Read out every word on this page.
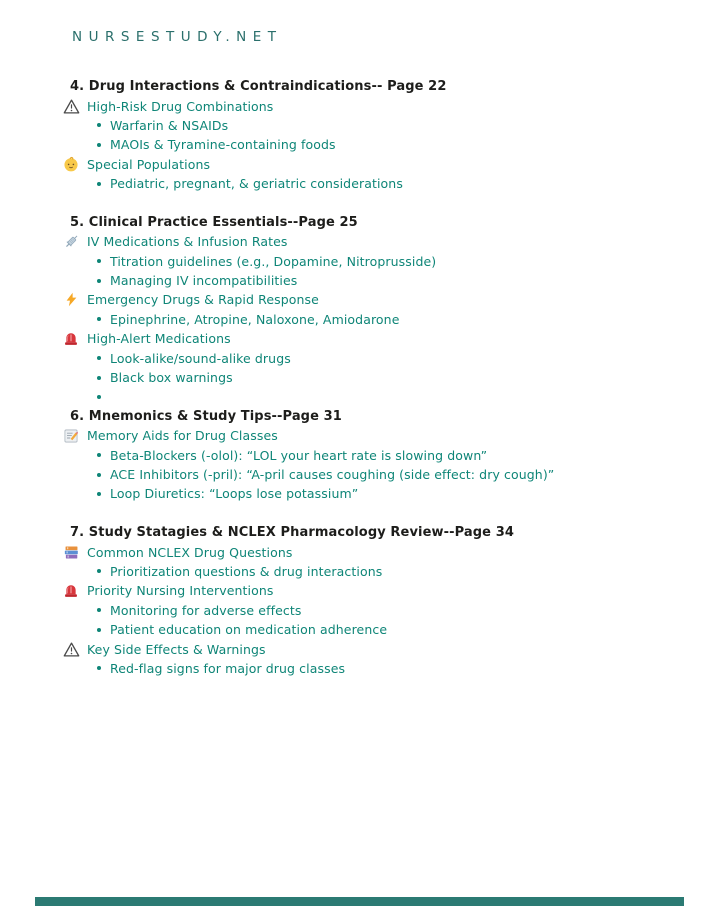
NURSESTUDY.NET
4. Drug Interactions & Contraindications-- Page 22
High-Risk Drug Combinations
Warfarin & NSAIDs
MAOIs & Tyramine-containing foods
Special Populations
Pediatric, pregnant, & geriatric considerations
5. Clinical Practice Essentials--Page 25
IV Medications & Infusion Rates
Titration guidelines (e.g., Dopamine, Nitroprusside)
Managing IV incompatibilities
Emergency Drugs & Rapid Response
Epinephrine, Atropine, Naloxone, Amiodarone
High-Alert Medications
Look-alike/sound-alike drugs
Black box warnings
6. Mnemonics & Study Tips--Page 31
Memory Aids for Drug Classes
Beta-Blockers (-olol): “LOL your heart rate is slowing down”
ACE Inhibitors (-pril): “A-pril causes coughing (side effect: dry cough)”
Loop Diuretics: “Loops lose potassium”
7. Study Statagies & NCLEX Pharmacology Review--Page 34
Common NCLEX Drug Questions
Prioritization questions & drug interactions
Priority Nursing Interventions
Monitoring for adverse effects
Patient education on medication adherence
Key Side Effects & Warnings
Red-flag signs for major drug classes
